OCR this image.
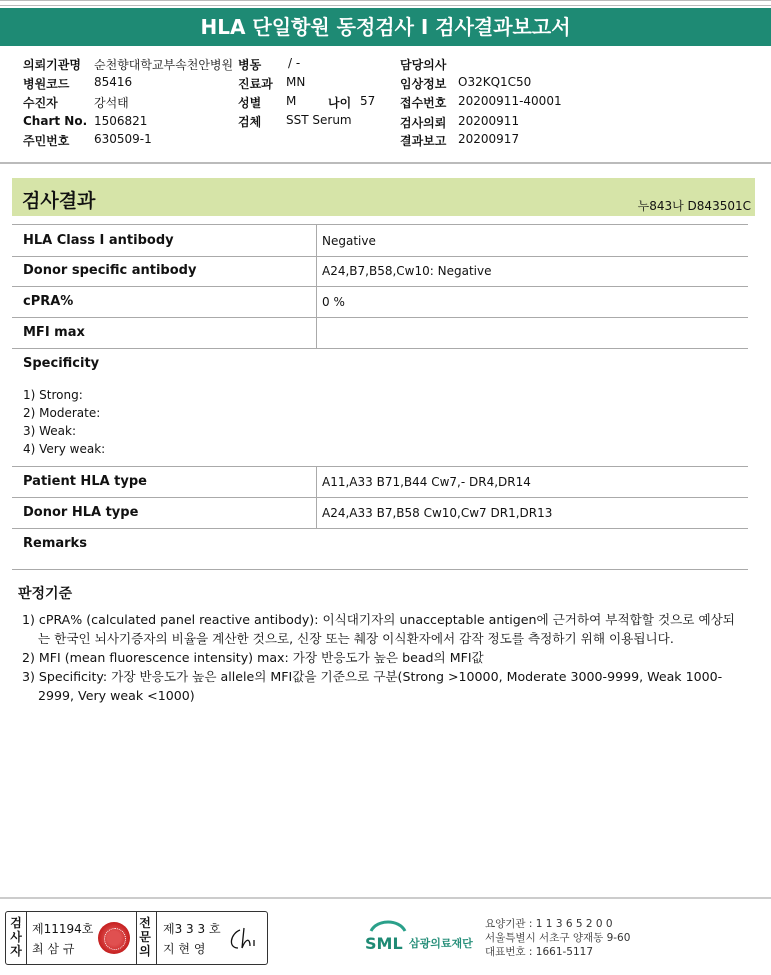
HLA 단일항원 동정검사 I 검사결과보고서
의뢰기관명 순천향대학교부속천안병원 병동 / -	담당의사
병원코드 85416	진료과 MN	임상정보 O32KQ1C50
수진자	강석태	성별 M	나이 57 접수번호 20200911-40001
Chart No. 1506821	검체 SST Serum	검사의뢰 20200911
주민번호 630509-1	결과보고 20200917
검사결과	누843나 D843501C
HLA Class Ⅰ antibody	Negative
Donor specific antibody	A24,B7,B58,Cw10: Negative
cPRA%	0 %
MFI max
Specificity
1) Strong:
2) Moderate:
3) Weak:
4) Very weak:
Patient HLA type	A11,A33 B71,B44 Cw7,- DR4,DR14
Donor HLA type	A24,A33 B7,B58 Cw10,Cw7 DR1,DR13
Remarks
판정기준

1) cPRA% (calculated panel reactive antibody): 이식대기자의 unacceptable antigen에 근거하여 부적합할 것으로 예상되는 한국인 뇌사기증자의 비율을 계산한 것으로, 신장 또는 췌장 이식환자에서 감작 정도를 측정하기 위해 이용됩니다.

2) MFI (mean fluorescence intensity) max: 가장 반응도가 높은 bead의 MFI값

3) Specificity: 가장 반응도가 높은 allele의 MFI값을 기준으로 구분(Strong >10000, Moderate 3000-9999, Weak 1000-2999, Very weak <1000)

검사자
제11194호
최 삼 규
전문의
제3 3 3 호
지 현 영	SML 삼광의료재단
요양기관 : 1 1 3 6 5 2 0 0
서울특별시 서초구 양재동 9-60
대표번호 : 1661-5117
